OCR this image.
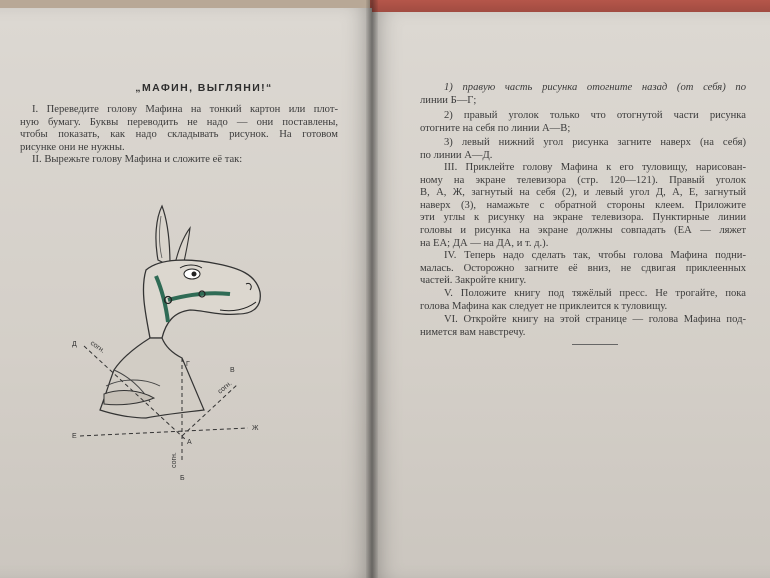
„МАФИН, ВЫГЛЯНИ!“
I. Переведите голову Мафина на тонкий картон или плот-
ную бумагу. Буквы переводить не надо — они поставлены,
чтобы показать, как надо складывать рисунок. На готовом
рисунке они не нужны.
II. Вырежьте голову Мафина и сложите её так:
Д согн.
Г
В
согн.
Е
А
Ж
согн.
Б
1) правую часть рисунка отогните назад (от себя) по
линии Б—Г;
2) правый уголок только что отогнутой части рисунка
отогните на себя по линии А—В;
3) левый нижний угол рисунка загните наверх (на себя)
по линии А—Д.
III. Приклейте голову Мафина к его туловищу, нарисован-
ному на экране телевизора (стр. 120—121). Правый уголок
В, А, Ж, загнутый на себя (2), и левый угол Д, А, Е, загнутый
наверх (3), намажьте с обратной стороны клеем. Приложите
эти углы к рисунку на экране телевизора. Пунктирные линии
головы и рисунка на экране должны совпадать (ЕА — ляжет
на ЕА; ДА — на ДА, и т. д.).
IV. Теперь надо сделать так, чтобы голова Мафина подни-
малась. Осторожно загните её вниз, не сдвигая приклеенных
частей. Закройте книгу.
V. Положите книгу под тяжёлый пресс. Не трогайте, пока
голова Мафина как следует не приклеится к туловищу.
VI. Откройте книгу на этой странице — голова Мафина под-
нимется вам навстречу.
